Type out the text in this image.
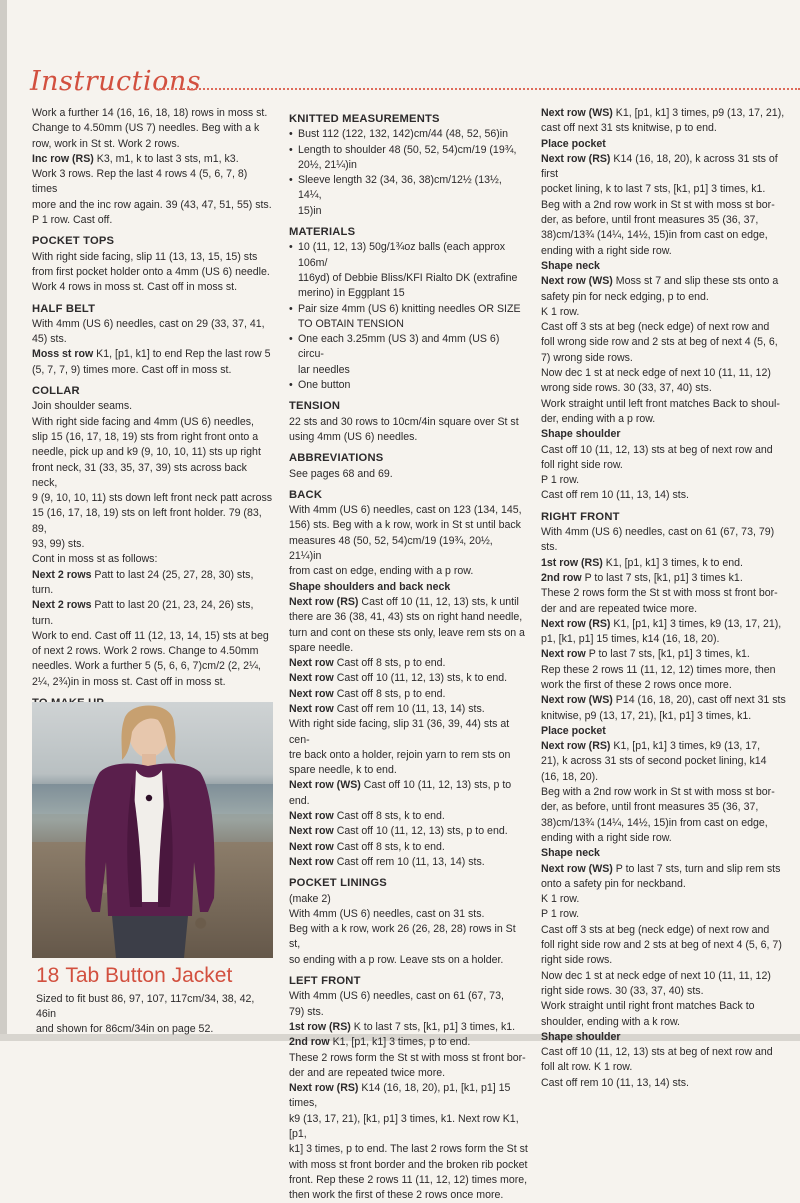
Instructions
Work a further 14 (16, 16, 18, 18) rows in moss st.
Change to 4.50mm (US 7) needles. Beg with a k
row, work in St st. Work 2 rows.
Inc row (RS) K3, m1, k to last 3 sts, m1, k3.
Work 3 rows. Rep the last 4 rows 4 (5, 6, 7, 8) times
more and the inc row again. 39 (43, 47, 51, 55) sts.
P 1 row. Cast off.
POCKET TOPS
With right side facing, slip 11 (13, 13, 15, 15) sts
from first pocket holder onto a 4mm (US 6) needle.
Work 4 rows in moss st. Cast off in moss st.
HALF BELT
With 4mm (US 6) needles, cast on 29 (33, 37, 41,
45) sts.
Moss st row K1, [p1, k1] to end Rep the last row 5
(5, 7, 7, 9) times more. Cast off in moss st.
COLLAR
Join shoulder seams.
With right side facing and 4mm (US 6) needles,
slip 15 (16, 17, 18, 19) sts from right front onto a
needle, pick up and k9 (9, 10, 10, 11) sts up right
front neck, 31 (33, 35, 37, 39) sts across back neck,
9 (9, 10, 10, 11) sts down left front neck patt across
15 (16, 17, 18, 19) sts on left front holder. 79 (83, 89,
93, 99) sts.
Cont in moss st as follows:
Next 2 rows Patt to last 24 (25, 27, 28, 30) sts, turn.
Next 2 rows Patt to last 20 (21, 23, 24, 26) sts, turn.
Work to end. Cast off 11 (12, 13, 14, 15) sts at beg
of next 2 rows. Work 2 rows. Change to 4.50mm
needles. Work a further 5 (5, 6, 6, 7)cm/2 (2, 2¼,
2¼, 2¾)in in moss st. Cast off in moss st.
KNITTED MEASUREMENTS
• Bust 112 (122, 132, 142)cm/44 (48, 52, 56)in
• Length to shoulder 48 (50, 52, 54)cm/19 (19¾,
20½, 21¼)in
• Sleeve length 32 (34, 36, 38)cm/12½ (13½, 14¼,
15)in
MATERIALS
• 10 (11, 12, 13) 50g/1¾oz balls (each approx 106m/
116yd) of Debbie Bliss/KFI Rialto DK (extrafine
merino) in Eggplant 15
• Pair size 4mm (US 6) knitting needles OR SIZE
TO OBTAIN TENSION
• One each 3.25mm (US 3) and 4mm (US 6) circu-
lar needles
• One button
TENSION
22 sts and 30 rows to 10cm/4in square over St st
using 4mm (US 6) needles.
ABBREVIATIONS
See pages 68 and 69.
BACK
With 4mm (US 6) needles, cast on 123 (134, 145,
156) sts. Beg with a k row, work in St st until back
measures 48 (50, 52, 54)cm/19 (19¾, 20½, 21¼)in
from cast on edge, ending with a p row.
Shape shoulders and back neck
Next row (RS) Cast off 10 (11, 12, 13) sts, k until
there are 36 (38, 41, 43) sts on right hand needle,
turn and cont on these sts only, leave rem sts on a
spare needle.
Next row Cast off 8 sts, p to end.
Next row Cast off 10 (11, 12, 13) sts, k to end.
Next row Cast off 8 sts, p to end.
Next row Cast off rem 10 (11, 13, 14) sts.
With right side facing, slip 31 (36, 39, 44) sts at cen-
tre back onto a holder, rejoin yarn to rem sts on
spare needle, k to end.
Next row (WS) Cast off 10 (11, 12, 13) sts, p to end.
Next row Cast off 8 sts, k to end.
Next row Cast off 10 (11, 12, 13) sts, p to end.
Next row Cast off 8 sts, k to end.
Next row Cast off rem 10 (11, 13, 14) sts.
POCKET LININGS
(make 2)
With 4mm (US 6) needles, cast on 31 sts.
Beg with a k row, work 26 (26, 28, 28) rows in St st,
so ending with a p row. Leave sts on a holder.
LEFT FRONT
With 4mm (US 6) needles, cast on 61 (67, 73,
79) sts.
1st row (RS) K to last 7 sts, [k1, p1] 3 times, k1.
2nd row K1, [p1, k1] 3 times, p to end.
These 2 rows form the St st with moss st front bor-
der and are repeated twice more.
Next row (RS) K14 (16, 18, 20), p1, [k1, p1] 15 times,
k9 (13, 17, 21), [k1, p1] 3 times, k1. Next row K1, [p1,
k1] 3 times, p to end. The last 2 rows form the St st
with moss st front border and the broken rib pocket
front. Rep these 2 rows 11 (11, 12, 12) times more,
then work the first of these 2 rows once more.
Next row (WS) K1, [p1, k1] 3 times, p9 (13, 17, 21),
cast off next 31 sts knitwise, p to end.
Place pocket
Next row (RS) K14 (16, 18, 20), k across 31 sts of first
pocket lining, k to last 7 sts, [k1, p1] 3 times, k1.
Beg with a 2nd row work in St st with moss st bor-
der, as before, until front measures 35 (36, 37,
38)cm/13¾ (14¼, 14½, 15)in from cast on edge,
ending with a right side row.
Shape neck
Next row (WS) Moss st 7 and slip these sts onto a
safety pin for neck edging, p to end.
K 1 row.
Cast off 3 sts at beg (neck edge) of next row and
foll wrong side row and 2 sts at beg of next 4 (5, 6,
7) wrong side rows.
Now dec 1 st at neck edge of next 10 (11, 11, 12)
wrong side rows. 30 (33, 37, 40) sts.
Work straight until left front matches Back to shoul-
der, ending with a p row.
Shape shoulder
Cast off 10 (11, 12, 13) sts at beg of next row and
foll right side row.
P 1 row.
Cast off rem 10 (11, 13, 14) sts.
RIGHT FRONT
With 4mm (US 6) needles, cast on 61 (67, 73, 79) sts.
1st row (RS) K1, [p1, k1] 3 times, k to end.
2nd row P to last 7 sts, [k1, p1] 3 times k1.
These 2 rows form the St st with moss st front bor-
der and are repeated twice more.
Next row (RS) K1, [p1, k1] 3 times, k9 (13, 17, 21),
p1, [k1, p1] 15 times, k14 (16, 18, 20).
Next row P to last 7 sts, [k1, p1] 3 times, k1.
Rep these 2 rows 11 (11, 12, 12) times more, then
work the first of these 2 rows once more.
Next row (WS) P14 (16, 18, 20), cast off next 31 sts
knitwise, p9 (13, 17, 21), [k1, p1] 3 times, k1.
Place pocket
Next row (RS) K1, [p1, k1] 3 times, k9 (13, 17,
21), k across 31 sts of second pocket lining, k14
(16, 18, 20).
Beg with a 2nd row work in St st with moss st bor-
der, as before, until front measures 35 (36, 37,
38)cm/13¾ (14¼, 14½, 15)in from cast on edge,
ending with a right side row.
Shape neck
Next row (WS) P to last 7 sts, turn and slip rem sts
onto a safety pin for neckband.
K 1 row.
P 1 row.
Cast off 3 sts at beg (neck edge) of next row and
foll right side row and 2 sts at beg of next 4 (5, 6, 7)
right side rows.
Now dec 1 st at neck edge of next 10 (11, 11, 12)
right side rows. 30 (33, 37, 40) sts.
Work straight until right front matches Back to
shoulder, ending with a k row.
Shape shoulder
Cast off 10 (11, 12, 13) sts at beg of next row and
foll alt row. K 1 row.
Cast off rem 10 (11, 13, 14) sts.
18 Tab Button Jacket
Sized to fit bust 86, 97, 107, 117cm/34, 38, 42, 46in
and shown for 86cm/34in on page 52.
